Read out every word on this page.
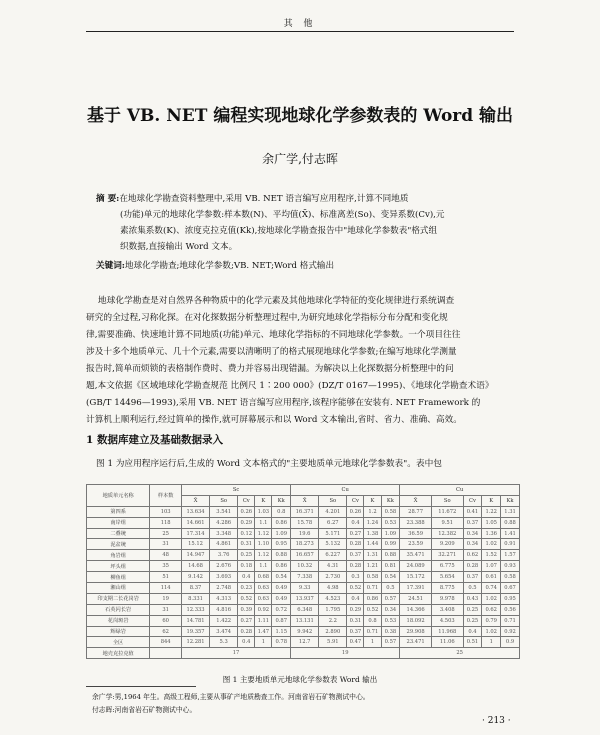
其 他
基于 VB. NET 编程实现地球化学参数表的 Word 输出
余广学,付志晖
摘 要:在地球化学勘查资料整理中,采用 VB. NET 语言编写应用程序,计算不同地质
(功能)单元的地球化学参数:样本数(N)、平均值(X̄)、标准离差(So)、变异系数(Cv),元
素浓集系数(K)、浓度克拉克值(Kk),按地球化学勘查报告中"地球化学参数表"格式组
织数据,直接输出 Word 文本。
关键词:地球化学勘查;地球化学参数;VB. NET;Word 格式输出
地球化学勘查是对自然界各种物质中的化学元素及其他地球化学特征的变化规律进行系统调查
研究的全过程,习称化探。在对化探数据分析整理过程中,为研究地球化学指标分布分配和变化规
律,需要准确、快速地计算不同地质(功能)单元、地球化学指标的不同地球化学参数。一个项目往往
涉及十多个地质单元、几十个元素,需要以清晰明了的格式展现地球化学参数;在编写地球化学测量
报告时,简单而烦锁的表格制作费时、费力并容易出现错漏。为解决以上化探数据分析整理中的问
题,本文依据《区域地球化学勘查规范 比例尺 1∶200 000》(DZ/T 0167—1995)、《地球化学勘查术语》
(GB/T 14496—1993),采用 VB. NET 语言编写应用程序,该程序能够在安装有. NET Framework 的
计算机上顺利运行,经过简单的操作,就可屏幕展示和以 Word 文本输出,省时、省力、准确、高效。
1 数据库建立及基础数据录入
图 1 为应用程序运行后,生成的 Word 文本格式的"主要地质单元地球化学参数表"。表中包
地质单元名称	样本数	Sc					Cu					Cu				
		X̄	So	Cv	K	Kk	X̄	So	Cv	K	Kk	X̄	So	Cv	K	Kk
第四系	103	13.634	3.541	0.26	1.03	0.8	16.371	4.201	0.26	1.2	0.58	28.77	11.672	0.41	1.22	1.31
南岸组	118	14.661	4.286	0.29	1.1	0.86	15.78	6.27	0.4	1.24	0.53	23.388	9.51	0.37	1.05	0.88
二叠统	25	17.314	3.348	0.12	1.12	1.09	19.6	5.171	0.27	1.38	1.09	36.59	12.382	0.34	1.36	1.41
泥盆统	31	15.12	4.861	0.31	1.10	0.95	18.273	5.132	0.28	1.44	0.99	23.59	9.209	0.34	1.02	0.91
角岩组	48	14.947	3.76	0.25	1.12	0.88	16.657	6.227	0.37	1.31	0.88	35.471	32.271	0.62	1.52	1.57
坪头组	35	14.68	2.676	0.18	1.1	0.86	10.32	4.31	0.28	1.21	0.81	24.089	6.775	0.28	1.07	0.93
柳鱼组	51	9.142	3.693	0.4	0.68	0.54	7.338	2.730	0.3	0.58	0.54	15.172	5.654	0.37	0.61	0.58
湘山组	114	8.37	2.748	0.23	0.63	0.49	9.33	4.98	0.52	0.71	0.5	17.391	8.775	0.5	0.74	0.67
印支期二长花岗岩	19	8.331	4.313	0.52	0.63	0.49	13.937	4.523	0.4	0.86	0.57	24.51	9.978	0.43	1.02	0.95
石英闪长岩	31	12.333	4.816	0.39	0.92	0.72	6.348	1.795	0.29	0.52	0.34	14.366	3.408	0.25	0.62	0.56
花岗斑岩	60	14.781	1.422	0.27	1.11	0.87	13.131	2.2	0.31	0.8	0.53	18.092	4.503	0.25	0.79	0.71
辉绿岩	62	19.357	3.474	0.28	1.47	1.15	9.942	2.890	0.37	0.71	0.38	29.908	11.968	0.4	1.02	0.92
全区	844	12.281	5.3	0.4	1	0.78	12.7	5.91	0.47	1	0.57	23.471	11.06	0.51	1	0.9
地壳克拉克值		17					19					25				
图 1 主要地质单元地球化学参数表 Word 输出
余广学:男,1964 年生。高级工程师,主要从事矿产地质勘查工作。河南省岩石矿物测试中心。
付志晖:河南省岩石矿物测试中心。
· 213 ·
